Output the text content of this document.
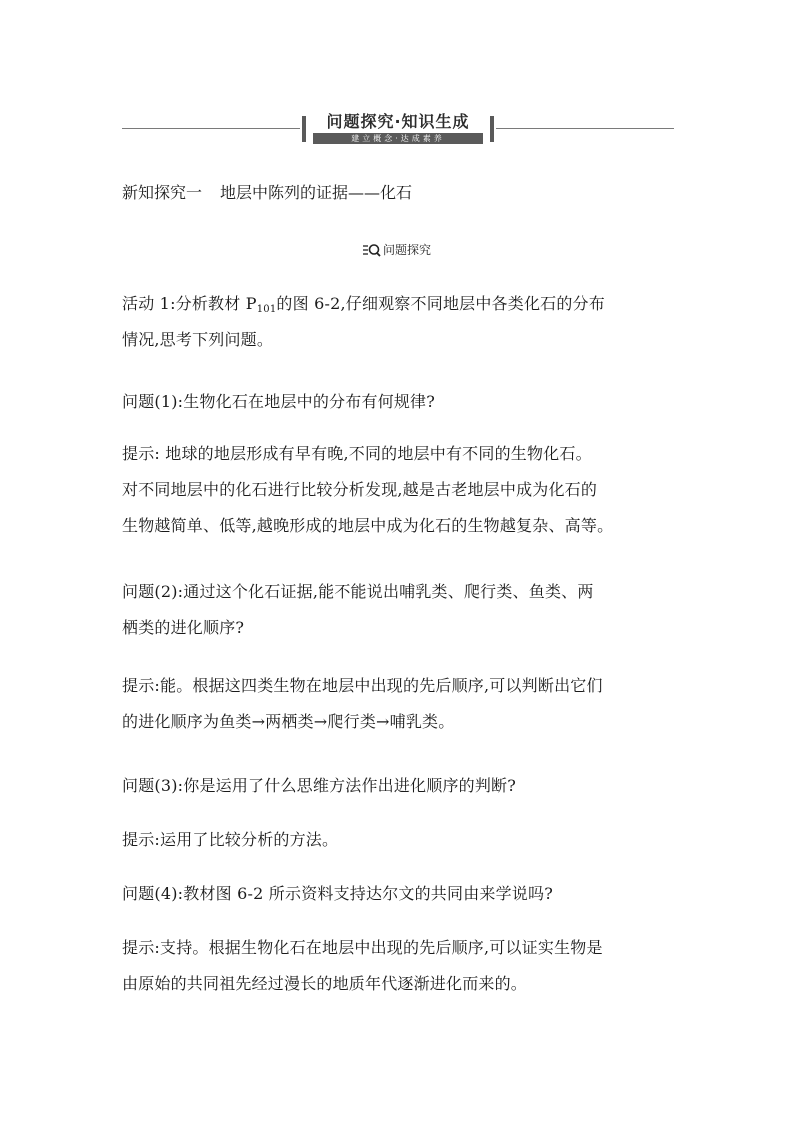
问题探究·知识生成
建立概念·达成素养
新知探究一 地层中陈列的证据——化石
问题探究
活动 1:分析教材 $P_{101}$的图 6-2,仔细观察不同地层中各类化石的分布
情况,思考下列问题。
问题(1):生物化石在地层中的分布有何规律?
提示: 地球的地层形成有早有晚,不同的地层中有不同的生物化石。
对不同地层中的化石进行比较分析发现,越是古老地层中成为化石的
生物越简单、低等,越晚形成的地层中成为化石的生物越复杂、高等。
问题(2):通过这个化石证据,能不能说出哺乳类、爬行类、鱼类、两
栖类的进化顺序?
提示:能。根据这四类生物在地层中出现的先后顺序,可以判断出它们
的进化顺序为鱼类→两栖类→爬行类→哺乳类。
问题(3):你是运用了什么思维方法作出进化顺序的判断?
提示:运用了比较分析的方法。
问题(4):教材图 6-2 所示资料支持达尔文的共同由来学说吗?
提示:支持。根据生物化石在地层中出现的先后顺序,可以证实生物是
由原始的共同祖先经过漫长的地质年代逐渐进化而来的。
